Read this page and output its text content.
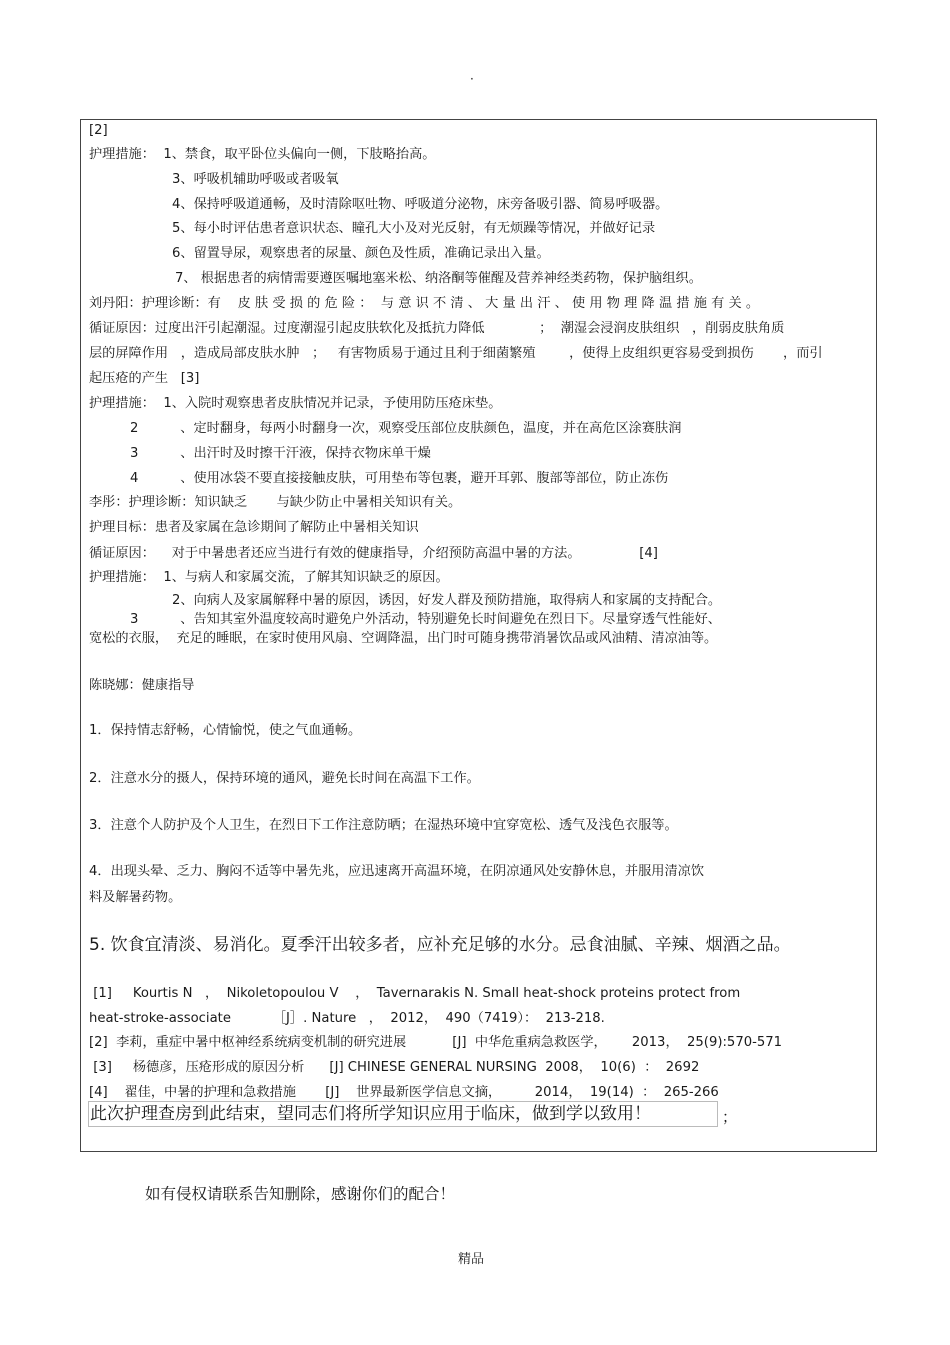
·
[2]
护理措施：  1、禁食，取平卧位头偏向一侧，下肢略抬高。
3、呼吸机辅助呼吸或者吸氧
4、保持呼吸道通畅，及时清除呕吐物、呼吸道分泌物，床旁备吸引器、简易呼吸器。
5、每小时评估患者意识状态、瞳孔大小及对光反射，有无烦躁等情况，并做好记录
6、留置导尿，观察患者的尿量、颜色及性质，准确记录出入量。
7、 根据患者的病情需要遵医嘱地塞米松、纳洛酮等催醒及营养神经类药物，保护脑组织。
刘丹阳：护理诊断：有    皮 肤 受 损 的 危 险 ：  与 意 识 不 清 、 大 量 出 汗 、 使 用 物 理 降 温 措 施 有 关 。
循证原因：过度出汗引起潮湿。过度潮湿引起皮肤软化及抵抗力降低             ；  潮湿会浸润皮肤组织   ，削弱皮肤角质
层的屏障作用   ，造成局部皮肤水肿   ；   有害物质易于通过且利于细菌繁殖        ，使得上皮组织更容易受到损伤       ，而引
起压疮的产生   [3]
护理措施：  1、入院时观察患者皮肤情况并记录，予使用防压疮床垫。
2          、定时翻身，每两小时翻身一次，观察受压部位皮肤颜色，温度，并在高危区涂赛肤润
3          、出汗时及时擦干汗液，保持衣物床单干燥
4          、使用冰袋不要直接接触皮肤，可用垫布等包裹，避开耳郭、腹部等部位，防止冻伤
李彤：护理诊断：知识缺乏       与缺少防止中暑相关知识有关。
护理目标：患者及家属在急诊期间了解防止中暑相关知识
循证原因：    对于中暑患者还应当进行有效的健康指导，介绍预防高温中暑的方法。              [4]
护理措施：  1、与病人和家属交流，了解其知识缺乏的原因。
2、向病人及家属解释中暑的原因，诱因，好发人群及预防措施，取得病人和家属的支持配合。
3          、告知其室外温度较高时避免户外活动，特别避免长时间避免在烈日下。尽量穿透气性能好、
宽松的衣服，  充足的睡眠，在家时使用风扇、空调降温，出门时可随身携带消暑饮品或风油精、清凉油等。
陈晓娜：健康指导
1．保持情志舒畅，心情愉悦，使之气血通畅。
2．注意水分的摄人，保持环境的通风，避免长时间在高温下工作。
3．注意个人防护及个人卫生，在烈日下工作注意防晒；在湿热环境中宜穿宽松、透气及浅色衣服等。
4．出现头晕、乏力、胸闷不适等中暑先兆，应迅速离开高温环境，在阴凉通风处安静休息，并服用清凉饮
料及解暑药物。
5. 饮食宜清淡、易消化。夏季汗出较多者，应补充足够的水分。忌食油腻、辛辣、烟酒之品。
[1]     Kourtis N   ，  Nikoletopoulou V    ，  Tavernarakis N. Small heat-shock proteins protect from
heat-stroke-associate          ［J］. Nature   ，  2012，  490（7419）：  213-218.
[2]  李莉，重症中暑中枢神经系统病变机制的研究进展           [J]  中华危重病急救医学，      2013，  25(9):570-571
[3]     杨德彦，压疮形成的原因分析      [J] CHINESE GENERAL NURSING  2008，  10(6)  ：  2692
[4]    翟佳，中暑的护理和急救措施       [J]    世界最新医学信息文摘，        2014，  19(14)  ：  265-266
此次护理查房到此结束，望同志们将所学知识应用于临床，做到学以致用！	；
如有侵权请联系告知删除，感谢你们的配合！
精品
